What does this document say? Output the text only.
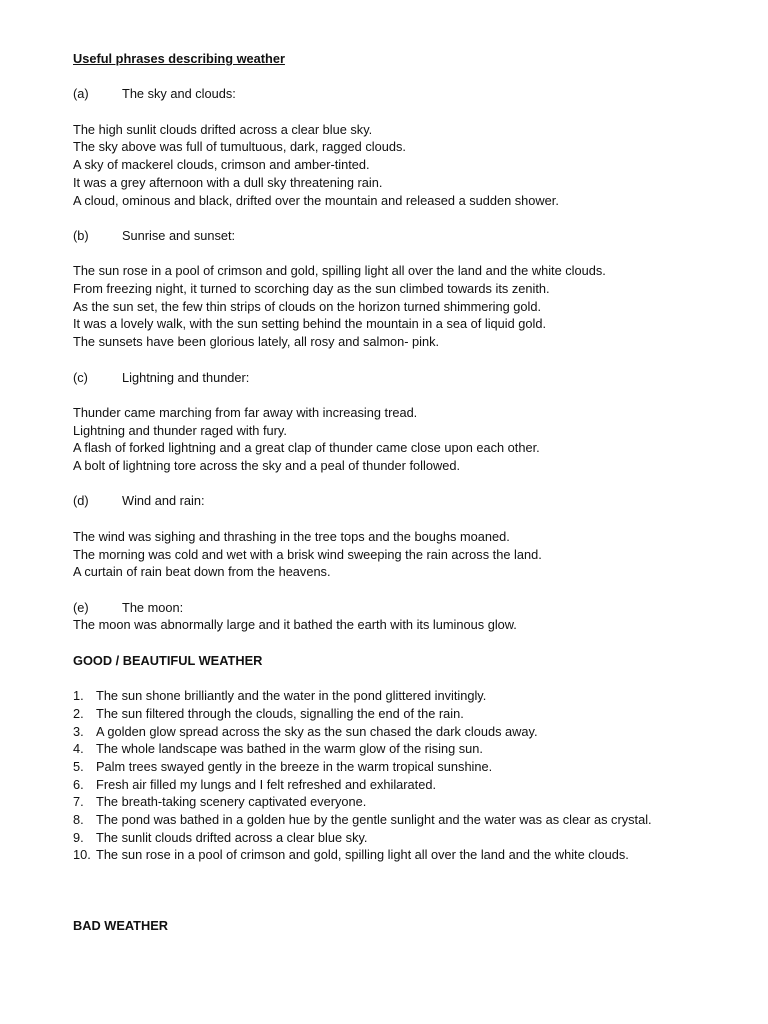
Useful phrases describing weather

(a)	The sky and clouds:

The high sunlit clouds drifted across a clear blue sky.

The sky above was full of tumultuous, dark, ragged clouds.

A sky of mackerel clouds, crimson and amber-tinted.

It was a grey afternoon with a dull sky threatening rain.

A cloud, ominous and black, drifted over the mountain and released a sudden shower.

(b)	Sunrise and sunset:

The sun rose in a pool of crimson and gold, spilling light all over the land and the white clouds.

From freezing night, it turned to scorching day as the sun climbed towards its zenith.

As the sun set, the few thin strips of clouds on the horizon turned shimmering gold.

It was a lovely walk, with the sun setting behind the mountain in a sea of liquid gold.

The sunsets have been glorious lately, all rosy and salmon- pink.

(c)	Lightning and thunder:

Thunder came marching from far away with increasing tread.

Lightning and thunder raged with fury.

A flash of forked lightning and a great clap of thunder came close upon each other.

A bolt of lightning tore across the sky and a peal of thunder followed.

(d)	Wind and rain:

The wind was sighing and thrashing in the tree tops and the boughs moaned.

The morning was cold and wet with a brisk wind sweeping the rain across the land.

A curtain of rain beat down from the heavens.

(e)	The moon:

The moon was abnormally large and it bathed the earth with its luminous glow.

GOOD / BEAUTIFUL WEATHER

1. The sun shone brilliantly and the water in the pond glittered invitingly.
2. The sun filtered through the clouds, signalling the end of the rain.
3. A golden glow spread across the sky as the sun chased the dark clouds away.
4. The whole landscape was bathed in the warm glow of the rising sun.
5. Palm trees swayed gently in the breeze in the warm tropical sunshine.
6. Fresh air filled my lungs and I felt refreshed and exhilarated.
7. The breath-taking scenery captivated everyone.
8. The pond was bathed in a golden hue by the gentle sunlight and the water was as clear as crystal.
9. The sunlit clouds drifted across a clear blue sky.
10. The sun rose in a pool of crimson and gold, spilling light all over the land and the white clouds.

BAD WEATHER
